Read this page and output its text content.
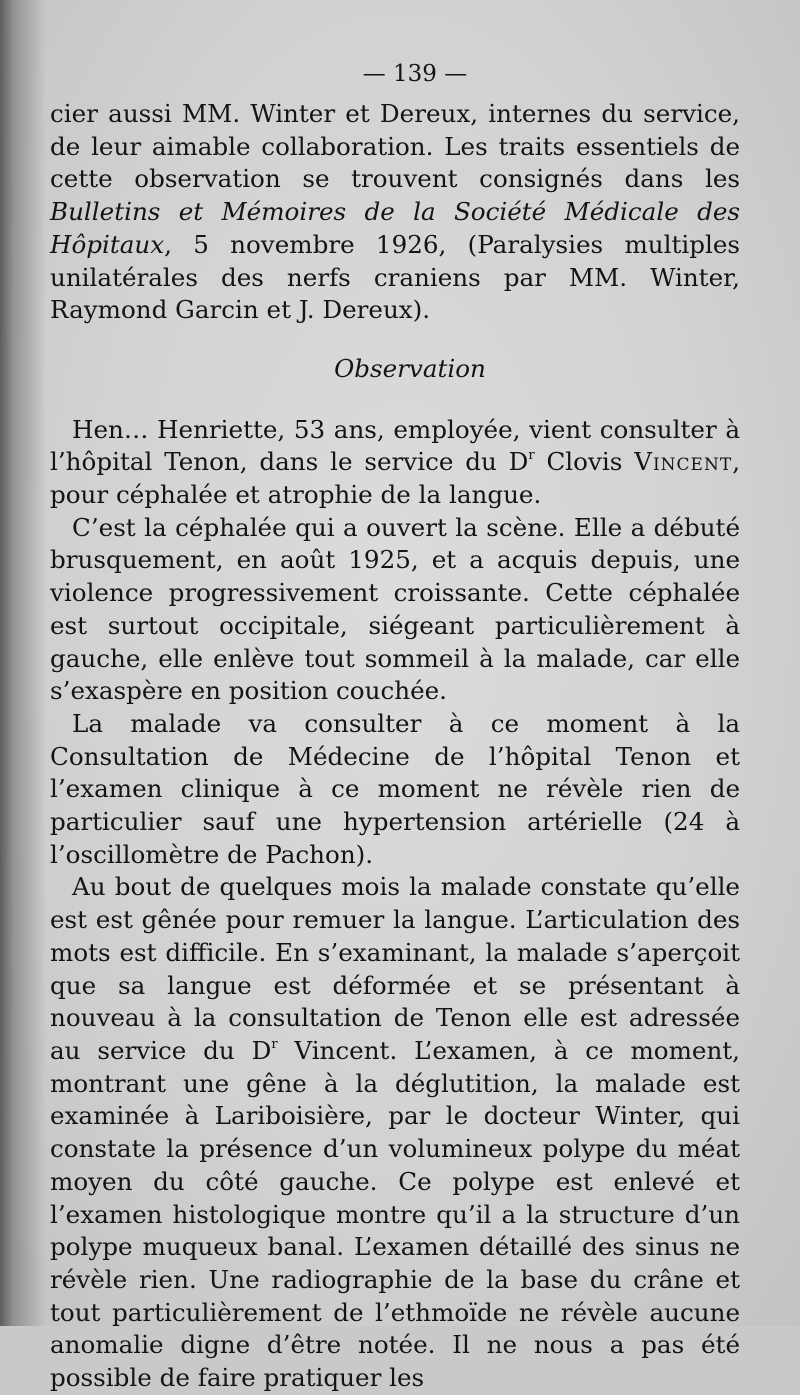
— 139 —

cier aussi MM. Winter et Dereux, internes du service, de leur aimable collaboration. Les traits essentiels de cette observation se trouvent consignés dans les Bulletins et Mémoires de la Société Médicale des Hôpitaux, 5 novembre 1926, (Paralysies multiples unilatérales des nerfs craniens par MM. Winter, Raymond Garcin et J. Dereux).

Observation

Hen… Henriette, 53 ans, employée, vient consulter à l’hôpital Tenon, dans le service du $D^r$ Clovis Vincent, pour céphalée et atrophie de la langue.

C’est la céphalée qui a ouvert la scène. Elle a débuté brusquement, en août 1925, et a acquis depuis, une violence progressivement croissante. Cette céphalée est surtout occipitale, siégeant particulièrement à gauche, elle enlève tout sommeil à la malade, car elle s’exaspère en position couchée.

La malade va consulter à ce moment à la Consultation de Médecine de l’hôpital Tenon et l’examen clinique à ce moment ne révèle rien de particulier sauf une hypertension artérielle (24 à l’oscillomètre de Pachon).

Au bout de quelques mois la malade constate qu’elle est est gênée pour remuer la langue. L’articulation des mots est difficile. En s’examinant, la malade s’aperçoit que sa langue est déformée et se présentant à nouveau à la consultation de Tenon elle est adressée au service du $D^r$ Vincent. L’examen, à ce moment, montrant une gêne à la déglutition, la malade est examinée à Lariboisière, par le docteur Winter, qui constate la présence d’un volumineux polype du méat moyen du côté gauche. Ce polype est enlevé et l’examen histologique montre qu’il a la structure d’un polype muqueux banal. L’examen détaillé des sinus ne révèle rien. Une radiographie de la base du crâne et tout particulièrement de l’ethmoïde ne révèle aucune anomalie digne d’être notée. Il ne nous a pas été possible de faire pratiquer les
